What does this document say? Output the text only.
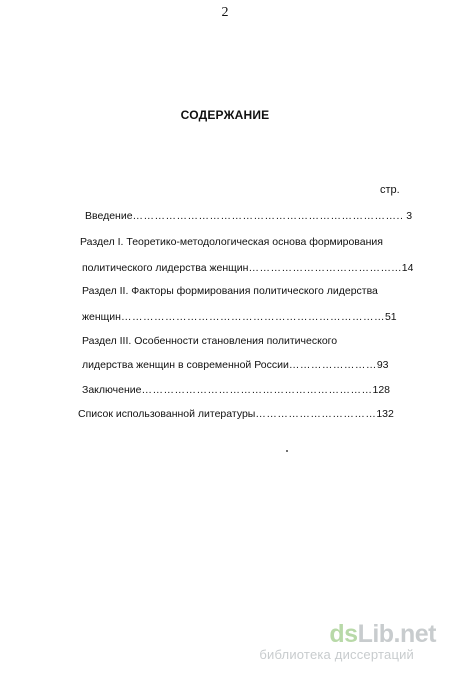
2
СОДЕРЖАНИЕ
стр.
Введение……………………………………………………………….. 3
Раздел I. Теоретико-методологическая основа формирования
политического лидерства женщин…………………………………...14
Раздел II. Факторы формирования политического лидерства
женщин………………………………………………………………51
Раздел III. Особенности становления политического
лидерства женщин в современной России……………………93
Заключение………………………………………………………128
Список использованной литературы……………………………132
dsLib.net
библиотека диссертаций
